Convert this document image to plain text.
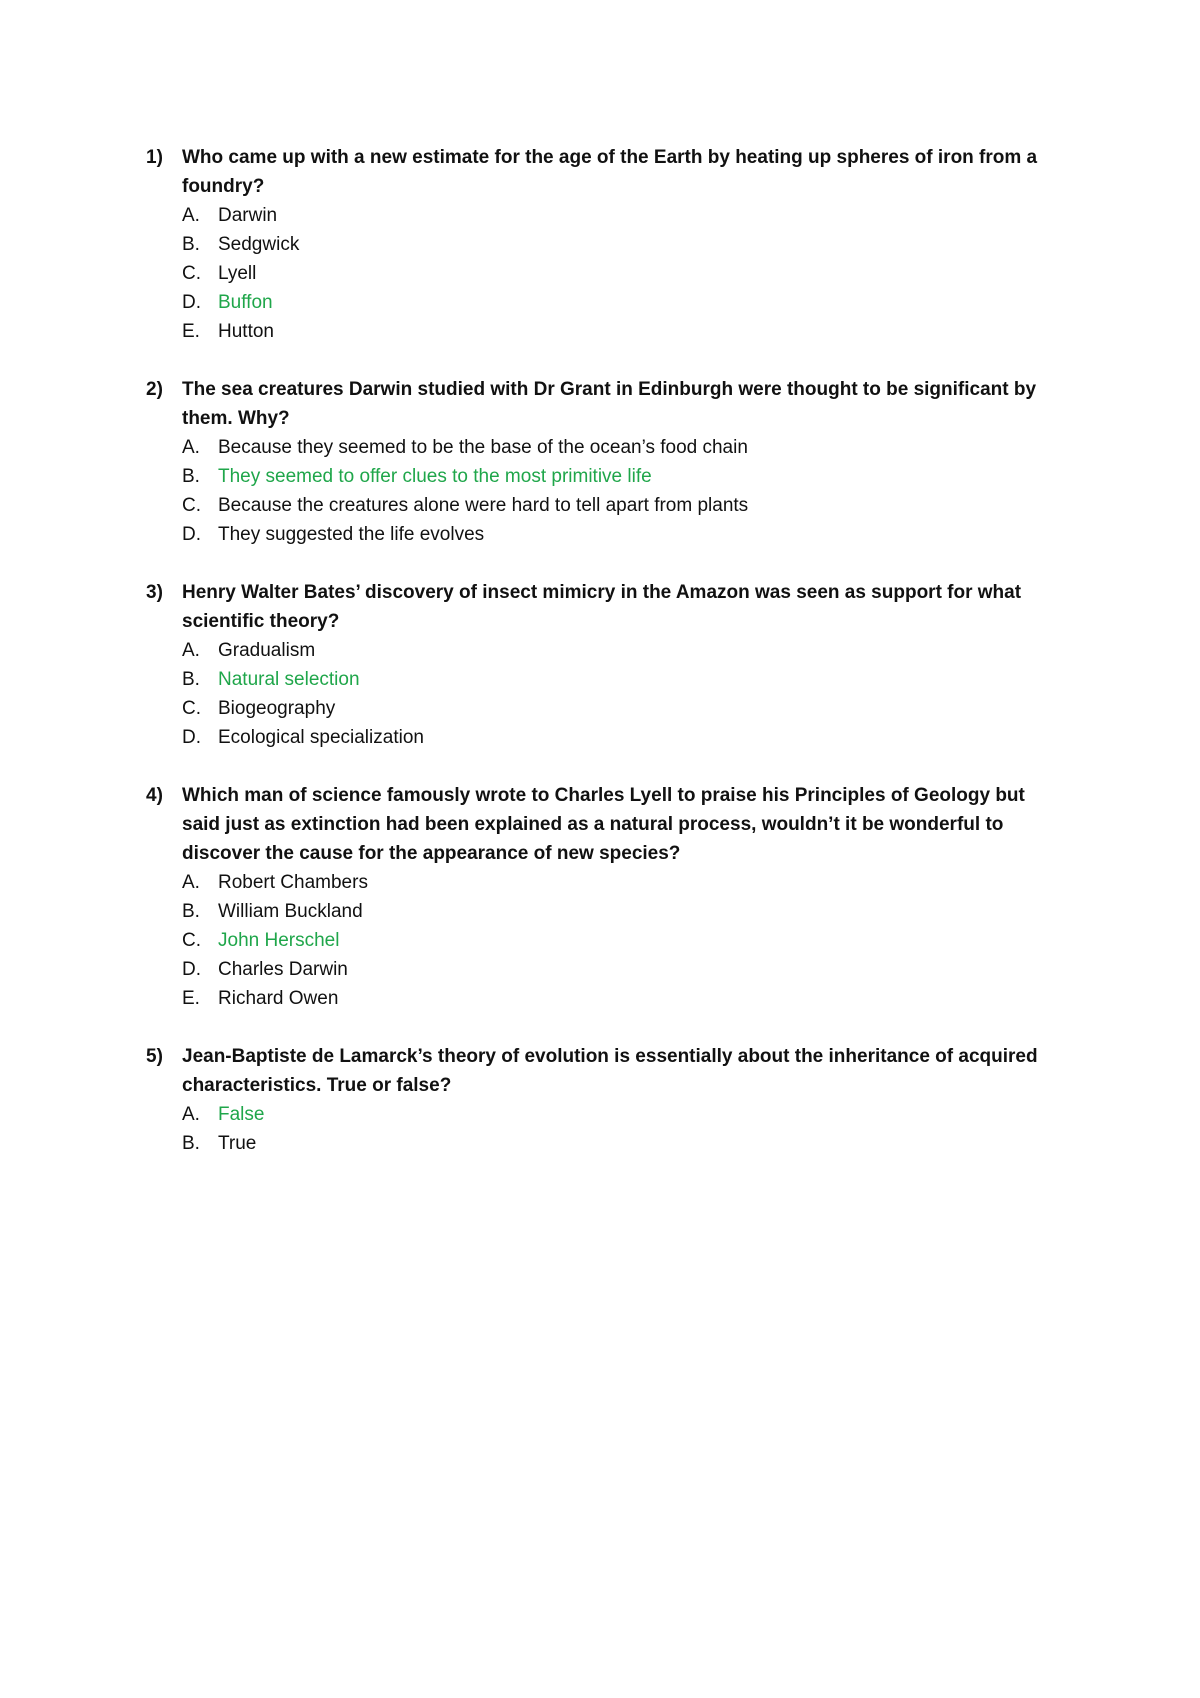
1)	Who came up with a new estimate for the age of the Earth by heating up spheres of iron from a foundry?
A. Darwin
B. Sedgwick
C. Lyell
D. Buffon
E. Hutton
2)	The sea creatures Darwin studied with Dr Grant in Edinburgh were thought to be significant by them. Why?
A. Because they seemed to be the base of the ocean’s food chain
B. They seemed to offer clues to the most primitive life
C. Because the creatures alone were hard to tell apart from plants
D. They suggested the life evolves
3)	Henry Walter Bates’ discovery of insect mimicry in the Amazon was seen as support for what scientific theory?
A. Gradualism
B. Natural selection
C. Biogeography
D. Ecological specialization
4)	Which man of science famously wrote to Charles Lyell to praise his Principles of Geology but said just as extinction had been explained as a natural process, wouldn’t it be wonderful to discover the cause for the appearance of new species?
A. Robert Chambers
B. William Buckland
C. John Herschel
D. Charles Darwin
E. Richard Owen
5)	Jean-Baptiste de Lamarck’s theory of evolution is essentially about the inheritance of acquired characteristics. True or false?
A. False
B. True
